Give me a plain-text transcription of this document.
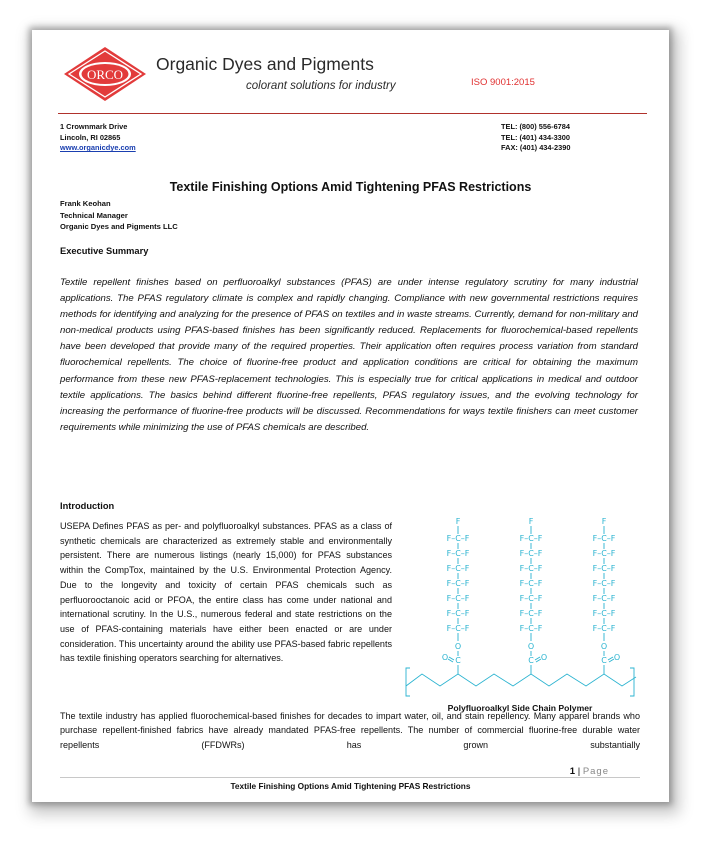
ORCO
Organic Dyes and Pigments
colorant solutions for industry	ISO 9001:2015
1 Crownmark Drive
Lincoln, RI 02865
www.organicdye.com
TEL: (800) 556-6784
TEL: (401) 434-3300
FAX: (401) 434-2390
Textile Finishing Options Amid Tightening PFAS Restrictions
Frank Keohan
Technical Manager
Organic Dyes and Pigments LLC
Executive Summary
Textile repellent finishes based on perfluoroalkyl substances (PFAS) are under intense regulatory scrutiny for many industrial applications. The PFAS regulatory climate is complex and rapidly changing. Compliance with new governmental restrictions requires methods for identifying and analyzing for the presence of PFAS on textiles and in waste streams. Currently, demand for non-military and non-medical products using PFAS-based finishes has been significantly reduced. Replacements for fluorochemical-based repellents have been developed that provide many of the required properties. Their application often requires process variation from standard fluorochemical repellents. The choice of fluorine-free product and application conditions are critical for obtaining the maximum performance from these new PFAS-replacement technologies. This is especially true for critical applications in medical and outdoor textile applications. The basics behind different fluorine-free repellents, PFAS regulatory issues, and the evolving technology for increasing the performance of fluorine-free products will be discussed. Recommendations for ways textile finishers can meet customer requirements while minimizing the use of PFAS chemicals are described.
Introduction
USEPA Defines PFAS as per- and polyfluoroalkyl substances. PFAS as a class of synthetic chemicals are characterized as extremely stable and environmentally persistent. There are numerous listings (nearly 15,000) for PFAS substances within the CompTox, maintained by the U.S. Environmental Protection Agency. Due to the longevity and toxicity of certain PFAS chemicals such as perfluorooctanoic acid or PFOA, the entire class has come under national and international scrutiny. In the U.S., numerous federal and state restrictions on the use of PFAS-containing materials have either been enacted or are under consideration. This uncertainty around the ability use PFAS-based fabric repellents has textile finishing operators searching for alternatives.
F
F–C–F
F–C–F
F–C–F
F–C–F
F–C–F
F–C–F
F–C–F
O
C
O
F
F–C–F
F–C–F
F–C–F
F–C–F
F–C–F
F–C–F
F–C–F
O
C O
F
F–C–F
F–C–F
F–C–F
F–C–F
F–C–F
F–C–F
F–C–F
O
C O
Polyfluoroalkyl Side Chain Polymer
The textile industry has applied fluorochemical-based finishes for decades to impart water, oil, and stain repellency. Many apparel brands who purchase repellent-finished fabrics have already mandated PFAS-free repellents. The number of commercial fluorine-free durable water repellents (FFDWRs) has grown substantially
1 | Page
Textile Finishing Options Amid Tightening PFAS Restrictions
